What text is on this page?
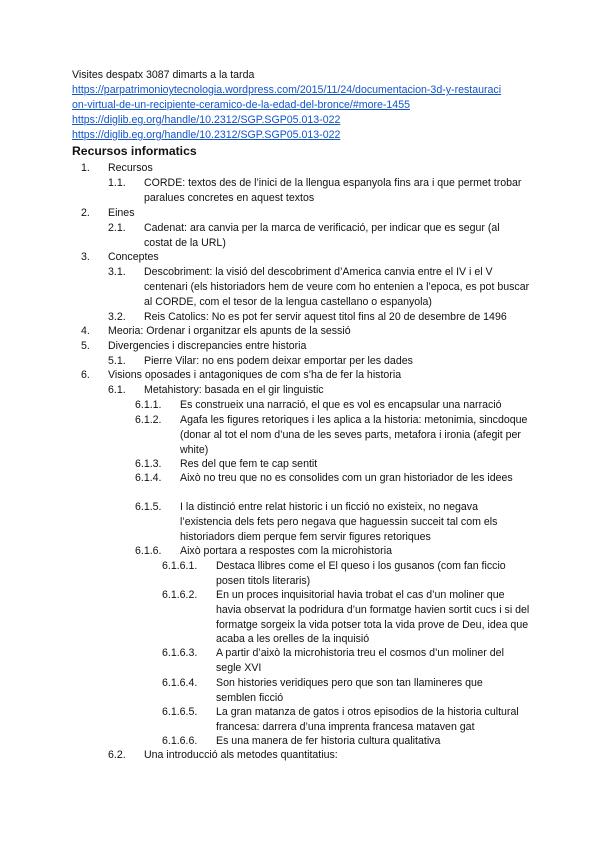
Visites despatx 3087 dimarts a la tarda
https://parpatrimonioytecnologia.wordpress.com/2015/11/24/documentacion-3d-y-restauraci
on-virtual-de-un-recipiente-ceramico-de-la-edad-del-bronce/#more-1455
https://diglib.eg.org/handle/10.2312/SGP.SGP05.013-022
https://diglib.eg.org/handle/10.2312/SGP.SGP05.013-022
Recursos informatics
1. Recursos
1.1. CORDE: textos des de l’inici de la llengua espanyola fins ara i que permet trobar paralues concretes en aquest textos
2. Eines
2.1. Cadenat: ara canvia per la marca de verificació, per indicar que es segur (al costat de la URL)
3. Conceptes
3.1. Descobriment: la visió del descobriment d’America canvia entre el IV i el V centenari (els historiadors hem de veure com ho entenien a l’epoca, es pot buscar al CORDE, com el tesor de la lengua castellano o espanyola)
3.2. Reis Catolics: No es pot fer servir aquest titol fins al 20 de desembre de 1496
4. Meoria: Ordenar i organitzar els apunts de la sessió
5. Divergencies i discrepancies entre historia
5.1. Pierre Vilar: no ens podem deixar emportar per les dades
6. Visions oposades i antagoniques de com s’ha de fer la historia
6.1. Metahistory: basada en el gir linguistic
6.1.1. Es construeix una narració, el que es vol es encapsular una narració
6.1.2. Agafa les figures retoriques i les aplica a la historia: metonimia, sincdoque (donar al tot el nom d’una de les seves parts, metafora i ironia (afegit per white)
6.1.3. Res del que fem te cap sentit
6.1.4. Això no treu que no es consolides com un gran historiador de les idees
6.1.5. I la distinció entre relat historic i un ficció no existeix, no negava l’existencia dels fets pero negava que haguessin succeit tal com els historiadors diem perque fem servir figures retoriques
6.1.6. Això portara a respostes com la microhistoria
6.1.6.1. Destaca llibres come el El queso i los gusanos (com fan ficcio posen titols literaris)
6.1.6.2. En un proces inquisitorial havia trobat el cas d’un moliner que havia observat la podridura d’un formatge havien sortit cucs i si del formatge sorgeix la vida potser tota la vida prove de Deu, idea que acaba a les orelles de la inquisió
6.1.6.3. A partir d’això la microhistoria treu el cosmos d’un moliner del segle XVI
6.1.6.4. Son histories veridiques pero que son tan llamineres que semblen ficció
6.1.6.5. La gran matanza de gatos i otros episodios de la historia cultural francesa: darrera d’una imprenta francesa mataven gat
6.1.6.6. Es una manera de fer historia cultura qualitativa
6.2. Una introducció als metodes quantitatius:
